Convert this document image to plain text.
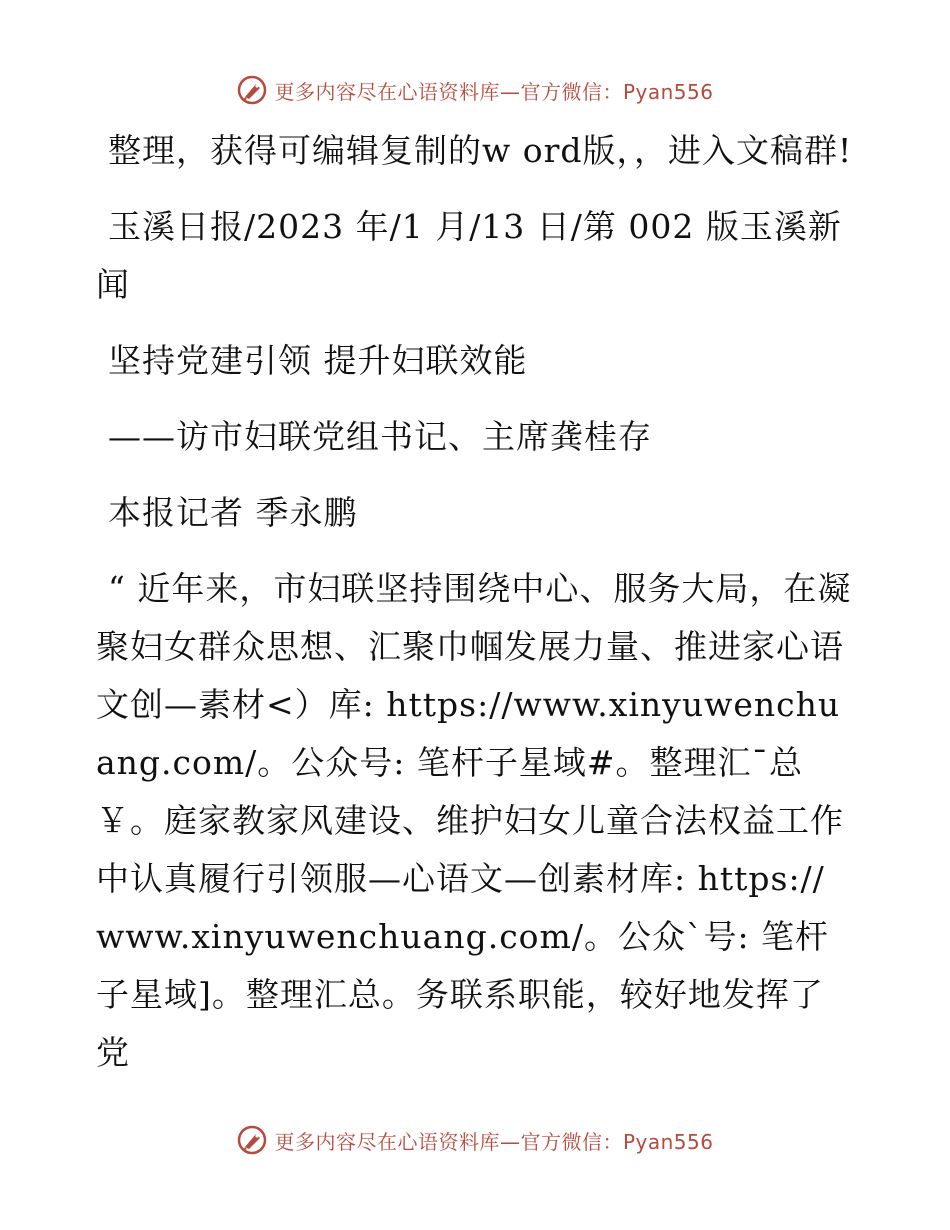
更多内容尽在心语资料库—官方微信：Pyan556

整理，获得可编辑复制的w ord版，，进入文稿群!

玉溪日报/2023 年/1 月/13 日/第 002 版玉溪新闻

坚持党建引领 提升妇联效能

——访市妇联党组书记、主席龚桂存

本报记者 季永鹏

“ 近年来，市妇联坚持围绕中心、服务大局，在凝聚妇女群众思想、汇聚巾帼发展力量、推进家心语文创—素材<）库: https://www.xinyuwenchuang.com/。公众号: 笔杆子星域#。整理汇¯总￥。庭家教家风建设、维护妇女儿童合法权益工作中认真履行引领服—心语文—创素材库: https:// www.xinyuwenchuang.com/。公众`号: 笔杆子星域]。整理汇总。务联系职能，较好地发挥了党

更多内容尽在心语资料库—官方微信：Pyan556
